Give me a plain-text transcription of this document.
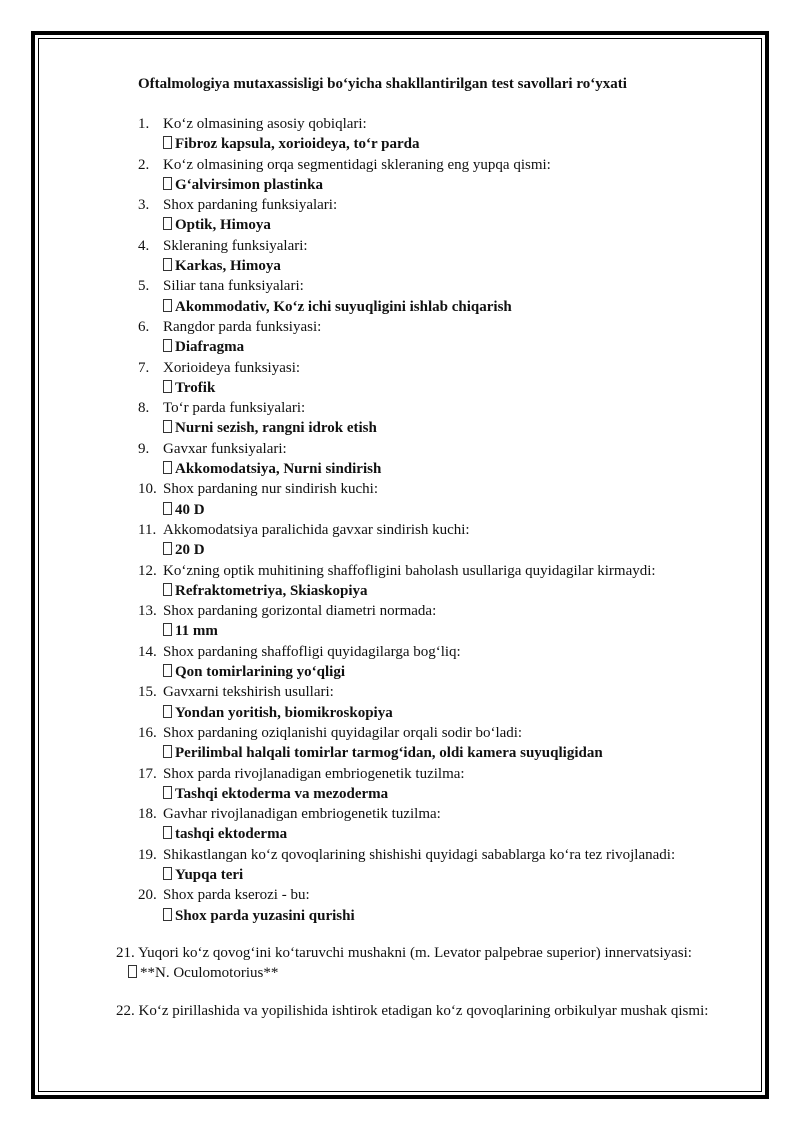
Oftalmologiya mutaxassisligi bo‘yicha shakllantirilgan test savollari ro‘yxati
1. Ko‘z olmasining asosiy qobiqlari:
Fibroz kapsula, xorioideya, to‘r parda
2. Ko‘z olmasining orqa segmentidagi skleraning eng yupqa qismi:
G‘alvirsimon plastinka
3. Shox pardaning funksiyalari:
Optik, Himoya
4. Skleraning funksiyalari:
Karkas, Himoya
5. Siliar tana funksiyalari:
Akommodativ, Ko‘z ichi suyuqligini ishlab chiqarish
6. Rangdor parda funksiyasi:
Diafragma
7. Xorioideya funksiyasi:
Trofik
8. To‘r parda funksiyalari:
Nurni sezish, rangni idrok etish
9. Gavxar funksiyalari:
Akkomodatsiya, Nurni sindirish
10. Shox pardaning nur sindirish kuchi:
40 D
11. Akkomodatsiya paralichida gavxar sindirish kuchi:
20 D
12. Ko‘zning optik muhitining shaffofligini baholash usullariga quyidagilar kirmaydi:
Refraktometriya, Skiaskopiya
13. Shox pardaning gorizontal diametri normada:
11 mm
14. Shox pardaning shaffofligi quyidagilarga bog‘liq:
Qon tomirlarining yo‘qligi
15. Gavxarni tekshirish usullari:
Yondan yoritish, biomikroskopiya
16. Shox pardaning oziqlanishi quyidagilar orqali sodir bo‘ladi:
Perilimbal halqali tomirlar tarmog‘idan, oldi kamera suyuqligidan
17. Shox parda rivojlanadigan embriogenetik tuzilma:
Tashqi ektoderma va mezoderma
18. Gavhar rivojlanadigan embriogenetik tuzilma:
tashqi ektoderma
19. Shikastlangan ko‘z qovoqlarining shishishi quyidagi sabablarga ko‘ra tez rivojlanadi:
Yupqa teri
20. Shox parda kserozi - bu:
Shox parda yuzasini qurishi
21. Yuqori ko‘z qovog‘ini ko‘taruvchi mushakni (m. Levator palpebrae superior) innervatsiyasi:
**N. Oculomotorius**
22. Ko‘z pirillashida va yopilishida ishtirok etadigan ko‘z qovoqlarining orbikulyar mushak qismi:
